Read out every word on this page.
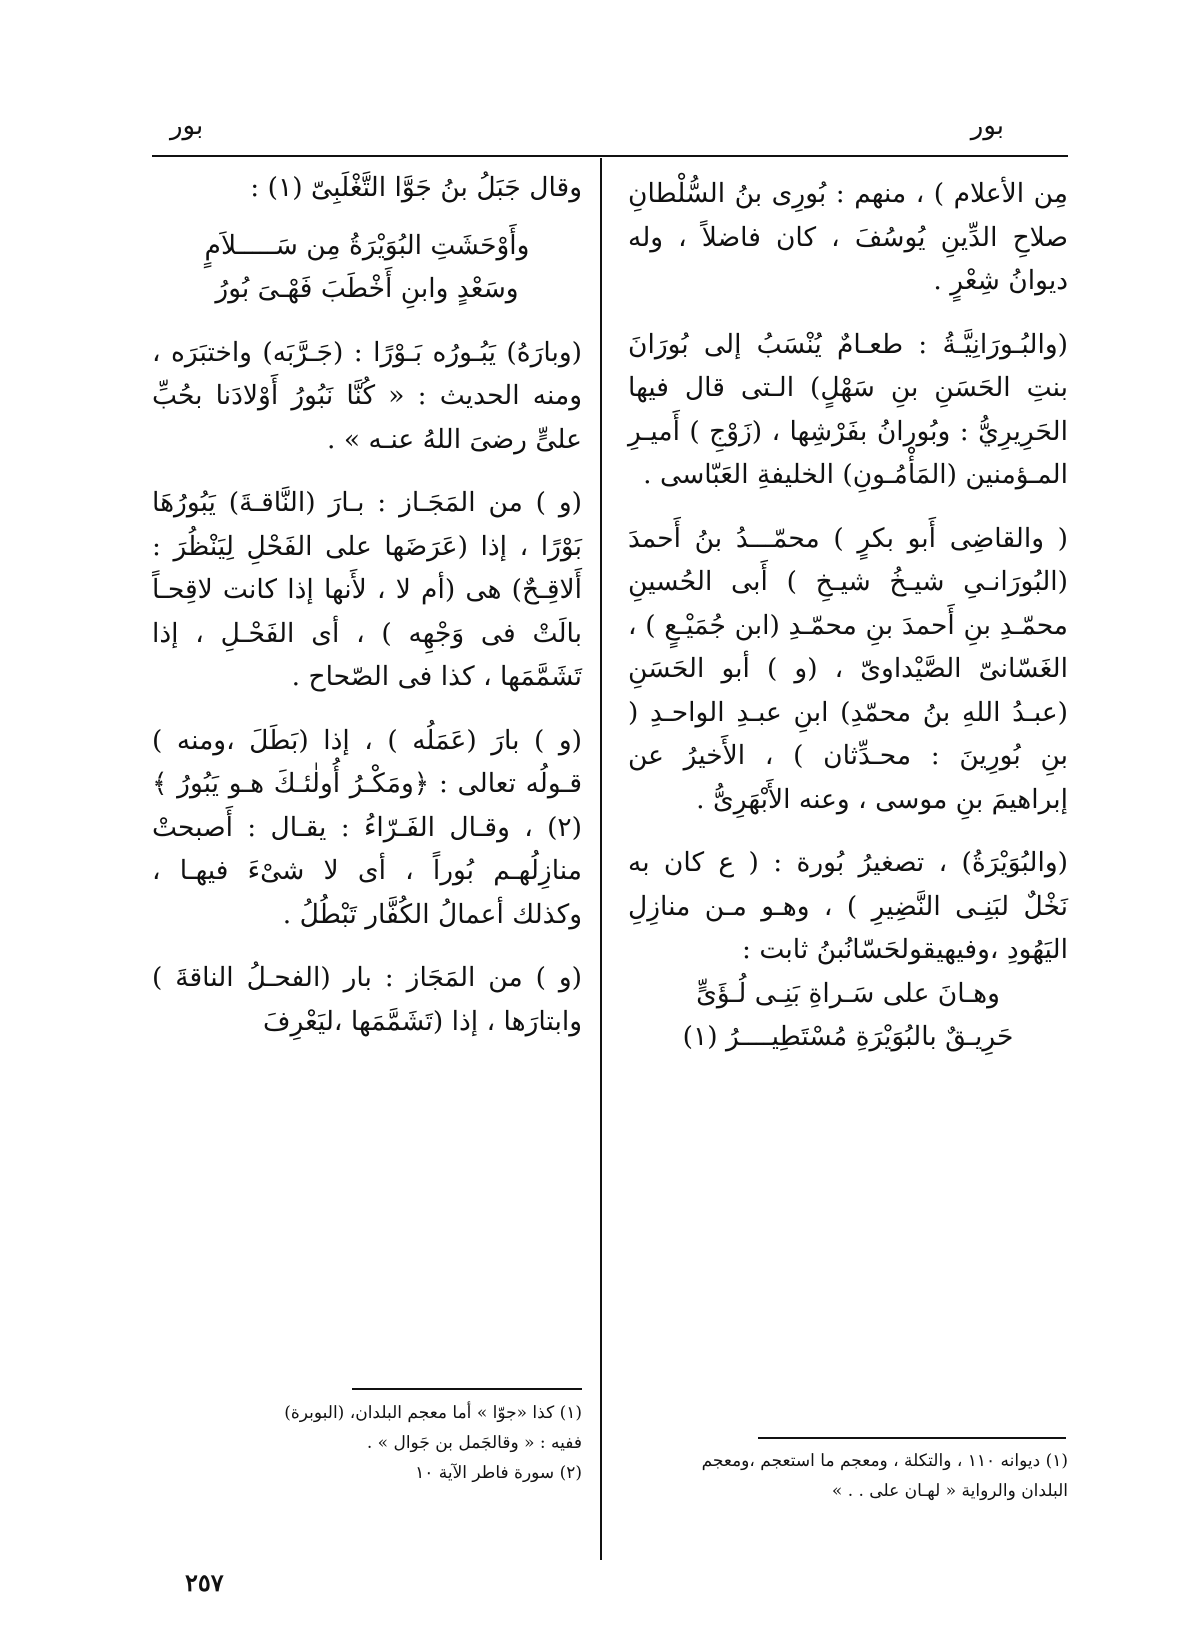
بور
بور

مِن الأعلام ) ، منهم : بُورِى بنُ السُّلْطانِ صلاحِ الدِّينِ يُوسُفَ ، كان فاضلاً ، وله ديوانُ شِعْرٍ .

(والبُـورَانِيَّـةُ : طعـامٌ يُنْسَبُ إلى بُورَانَ بنتِ الحَسَنِ بنِ سَهْلٍ) الـتى قال فيها الحَرِيرِيُّ : وبُورانُ بفَرْشِها ، (زَوْجِ ) أَميـرِ المـؤمنين (المَأْمُـونِ) الخليفةِ العَبّاسى .

( والقاضِى أَبو بكرٍ ) محمّـــدُ بنُ أَحمدَ (البُورَانـىِ شيـخُ شيـخِ ) أَبى الحُسينِ محمّـدِ بنِ أَحمدَ بنِ محمّـدِ (ابن جُمَيْـعٍ ) ، الغَسّانىّ الصَّيْداوىّ ، (و ) أبو الحَسَنِ (عبـدُ اللهِ بنُ محمّدِ) ابنِ عبـدِ الواحـدِ ( بنِ بُورِينَ : محـدِّثان ) ، الأَخيرُ عن إبراهيمَ بنِ موسى ، وعنه الأَبْهَرِىُّ .

(والبُوَيْرَةُ) ، تصغيرُ بُورة : ( ع كان به نَخْلٌ لبَنِـى النَّضِيرِ ) ، وهـو مـن منازِلِ اليَهُودِ ،وفيهيقولحَسّانُبنُ ثابت :

وهـانَ على سَـراةِ بَنِـى لُـؤَىٍّ

حَرِيـقٌ بالبُوَيْرَةِ مُسْتَطِيــــرُ (١)

(١) ديوانه ١١٠ ، والتكلة ، ومعجم ما استعجم ،ومعجم

البلدان والرواية « لهـان على . . »

وقال جَبَلُ بنُ جَوَّا التَّغْلَبِىّ (١) :

وأَوْحَشَتِ البُوَيْرَةُ مِن سَـــــلاَمٍ

وسَعْدٍ وابنِ أَخْطَبَ فَهْـىَ بُورُ

(وبارَهُ) يَبُـورُه بَـوْرًا : (جَـرَّبَه) واختبَرَه ، ومنه الحديث : « كُنَّا نَبُورُ أَوْلادَنا بحُبِّ علىٍّ رضىَ اللهُ عنـه » .

(و ) من المَجَـاز : بـارَ (النَّاقـةَ) يَبُورُهَا بَوْرًا ، إذا (عَرَضَها على الفَحْلِ لِيَنْظُرَ : أَلاقِـحٌ) هى (أم لا ، لأَنها إذا كانت لاقِحـاً بالَتْ فى وَجْهِه ) ، أى الفَحْـلِ ، إذا تَشَمَّمَها ، كذا فى الصّحاح .

(و ) بارَ (عَمَلُه ) ، إذا (بَطَلَ ،ومنه ) قـولُه تعالى : ﴿ومَكْـرُ أُولٰئـكَ هـو يَبُورُ ﴾ (٢) ، وقـال الفَـرّاءُ : يقـال : أَصبحتْ منازِلُهـم بُوراً ، أى لا شىْءَ فيهـا ، وكذلك أعمالُ الكُفَّار تَبْطُلُ .

(و ) من المَجَاز : بار (الفحـلُ الناقةَ ) وابتارَها ، إذا (تَشَمَّمَها ،ليَعْرِفَ

(١) كذا «جوّا » أما معجم البلدان، (البوبرة)

ففيه : « وقالجَمل بن جَوال » .

(٢) سورة فاطر الآية ١٠

٢٥٧
